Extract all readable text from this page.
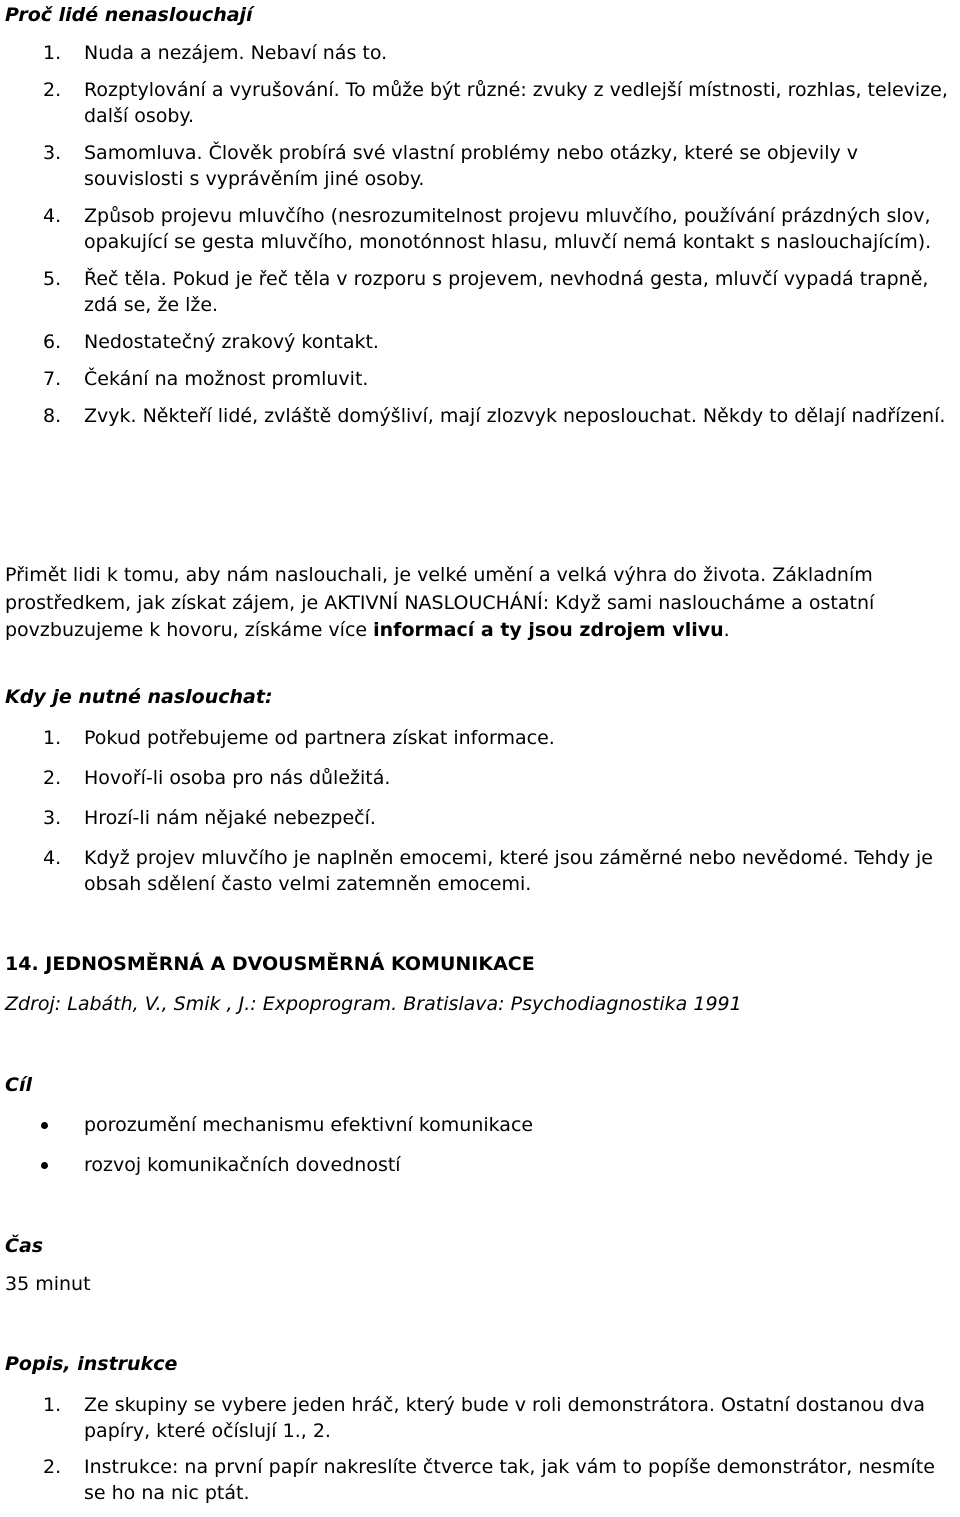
Proč lidé nenaslouchají
1. Nuda a nezájem. Nebaví nás to.
2. Rozptylování a vyrušování. To může být různé: zvuky z vedlejší místnosti, rozhlas, televize, další osoby.
3. Samomluva. Člověk probírá své vlastní problémy nebo otázky, které se objevily v souvislosti s vyprávěním jiné osoby.
4. Způsob projevu mluvčího (nesrozumitelnost projevu mluvčího, používání prázdných slov, opakující se gesta mluvčího, monotónnost hlasu, mluvčí nemá kontakt s naslouchajícím).
5. Řeč těla. Pokud je řeč těla v rozporu s projevem, nevhodná gesta, mluvčí vypadá trapně, zdá se, že lže.
6. Nedostatečný zrakový kontakt.
7. Čekání na možnost promluvit.
8. Zvyk. Někteří lidé, zvláště domýšliví, mají zlozvyk neposlouchat. Někdy to dělají nadřízení.
Přimět lidi k tomu, aby nám naslouchali, je velké umění a velká výhra do života. Základním prostředkem, jak získat zájem, je AKTIVNÍ NASLOUCHÁNÍ: Když sami nasloucháme a ostatní povzbuzujeme k hovoru, získáme více informací a ty jsou zdrojem vlivu.
Kdy je nutné naslouchat:
1. Pokud potřebujeme od partnera získat informace.
2. Hovoří-li osoba pro nás důležitá.
3. Hrozí-li nám nějaké nebezpečí.
4. Když projev mluvčího je naplněn emocemi, které jsou záměrné nebo nevědomé. Tehdy je obsah sdělení často velmi zatemněn emocemi.
14. JEDNOSMĚRNÁ A DVOUSMĚRNÁ KOMUNIKACE
Zdroj: Labáth, V., Smik , J.: Expoprogram. Bratislava: Psychodiagnostika 1991
Cíl
porozumění mechanismu efektivní komunikace
rozvoj komunikačních dovedností
Čas
35 minut
Popis, instrukce
1. Ze skupiny se vybere jeden hráč, který bude v roli demonstrátora. Ostatní dostanou dva papíry, které očíslují 1., 2.
2. Instrukce: na první papír nakreslíte čtverce tak, jak vám to popíše demonstrátor, nesmíte se ho na nic ptát.
